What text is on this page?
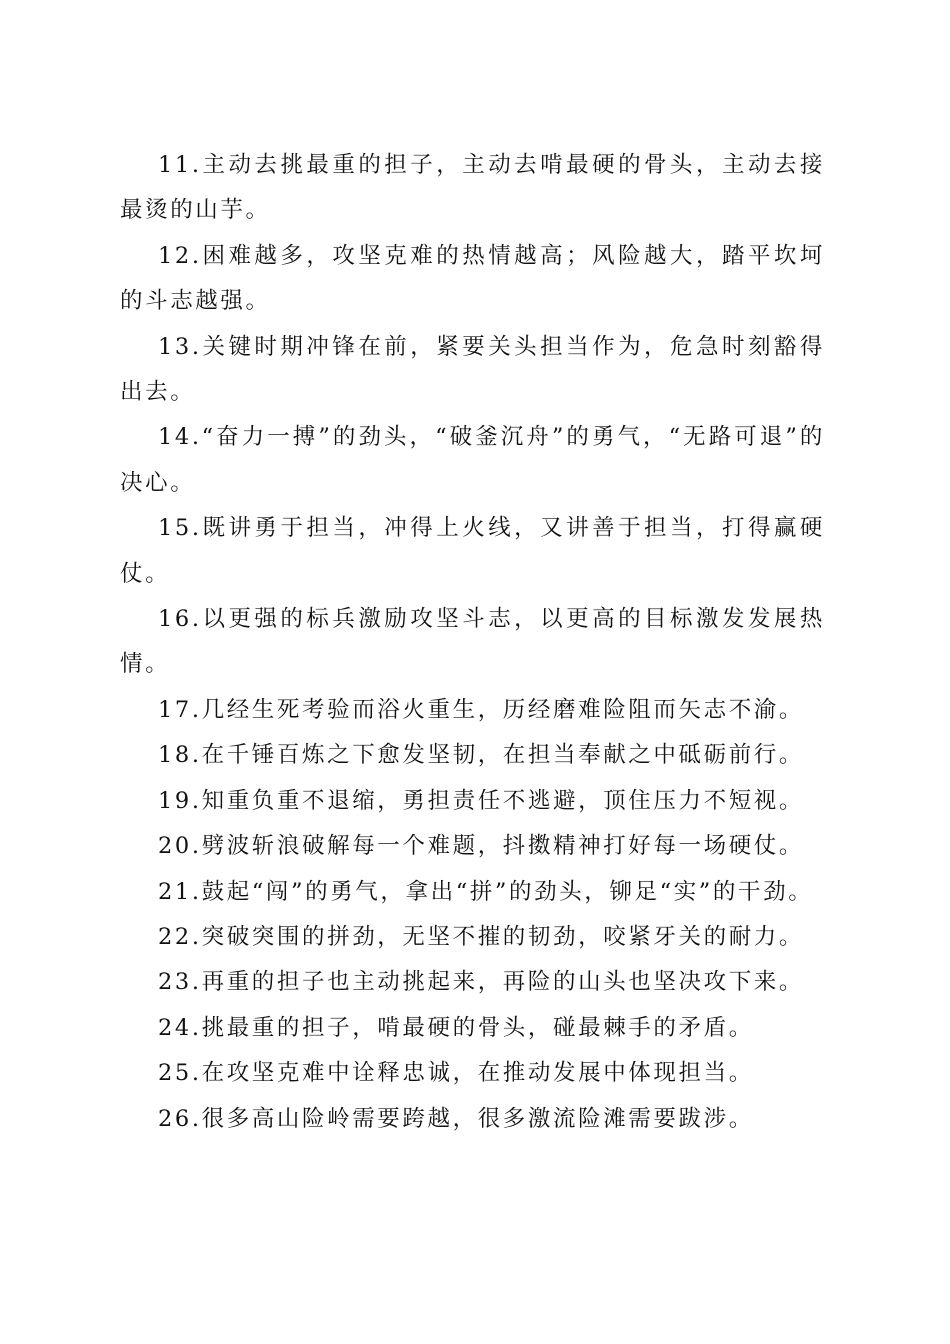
11.主动去挑最重的担子，主动去啃最硬的骨头，主动去接最烫的山芋。

12.困难越多，攻坚克难的热情越高；风险越大，踏平坎坷的斗志越强。

13.关键时期冲锋在前，紧要关头担当作为，危急时刻豁得出去。

14.“奋力一搏”的劲头，“破釜沉舟”的勇气，“无路可退”的决心。

15.既讲勇于担当，冲得上火线，又讲善于担当，打得赢硬仗。

16.以更强的标兵激励攻坚斗志，以更高的目标激发发展热情。

17.几经生死考验而浴火重生，历经磨难险阻而矢志不渝。

18.在千锤百炼之下愈发坚韧，在担当奉献之中砥砺前行。

19.知重负重不退缩，勇担责任不逃避，顶住压力不短视。

20.劈波斩浪破解每一个难题，抖擞精神打好每一场硬仗。

21.鼓起“闯”的勇气，拿出“拼”的劲头，铆足“实”的干劲。

22.突破突围的拼劲，无坚不摧的韧劲，咬紧牙关的耐力。

23.再重的担子也主动挑起来，再险的山头也坚决攻下来。

24.挑最重的担子，啃最硬的骨头，碰最棘手的矛盾。

25.在攻坚克难中诠释忠诚，在推动发展中体现担当。

26.很多高山险岭需要跨越，很多激流险滩需要跋涉。
